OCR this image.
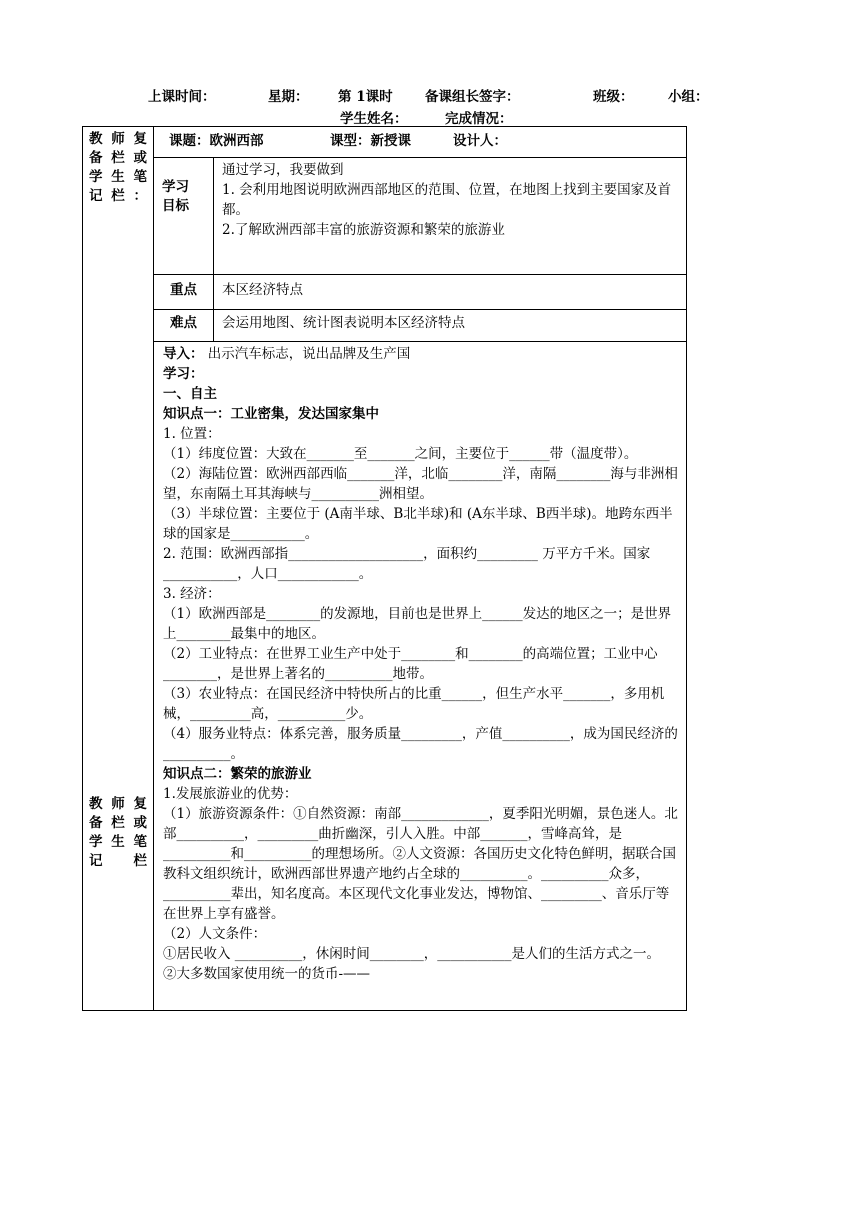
上课时间：	星期： 第 1课时 备课组长签字：	班级：	小组：
学生姓名：	完成情况：
教 师 复
备栏或
学 生 笔
记栏：
教 师 复
备 栏 或
学 生 笔
记栏
课题：欧洲西部	课型：新授课	设计人：
学习
目标
通过学习，我要做到
1. 会利用地图说明欧洲西部地区的范围、位置，在地图上找到主要国家及首都。
2.了解欧洲西部丰富的旅游资源和繁荣的旅游业
重点 本区经济特点
难点 会运用地图、统计图表说明本区经济特点
导入： 出示汽车标志，说出品牌及生产国
学习：
一、自主
知识点一：工业密集，发达国家集中
1. 位置：
（1）纬度位置：大致在_______至_______之间，主要位于______带（温度带）。
（2）海陆位置：欧洲西部西临_______洋，北临________洋，南隔________海与非洲相望，东南隔土耳其海峡与__________洲相望。
（3）半球位置：主要位于 (A南半球、B北半球)和 (A东半球、B西半球)。地跨东西半球的国家是___________。
2. 范围：欧洲西部指____________________，面积约_________ 万平方千米。国家___________，人口____________。
3. 经济：
（1）欧洲西部是________的发源地，目前也是世界上______发达的地区之一；是世界上________最集中的地区。
（2）工业特点：在世界工业生产中处于________和________的高端位置；工业中心________，是世界上著名的__________地带。
（3）农业特点：在国民经济中特快所占的比重______，但生产水平_______，多用机械，_________高，__________少。
（4）服务业特点：体系完善，服务质量_________，产值__________，成为国民经济的__________。
知识点二：繁荣的旅游业
1.发展旅游业的优势：
（1）旅游资源条件：①自然资源：南部_____________，夏季阳光明媚，景色迷人。北部__________，_________曲折幽深，引人入胜。中部_______，雪峰高耸，是__________和__________的理想场所。②人文资源：各国历史文化特色鲜明，据联合国教科文组织统计，欧洲西部世界遗产地约占全球的__________。__________众多，__________辈出，知名度高。本区现代文化事业发达，博物馆、_________、音乐厅等在世界上享有盛誉。
（2）人文条件：
①居民收入 __________，休闲时间________，___________是人们的生活方式之一。
②大多数国家使用统一的货币-——
